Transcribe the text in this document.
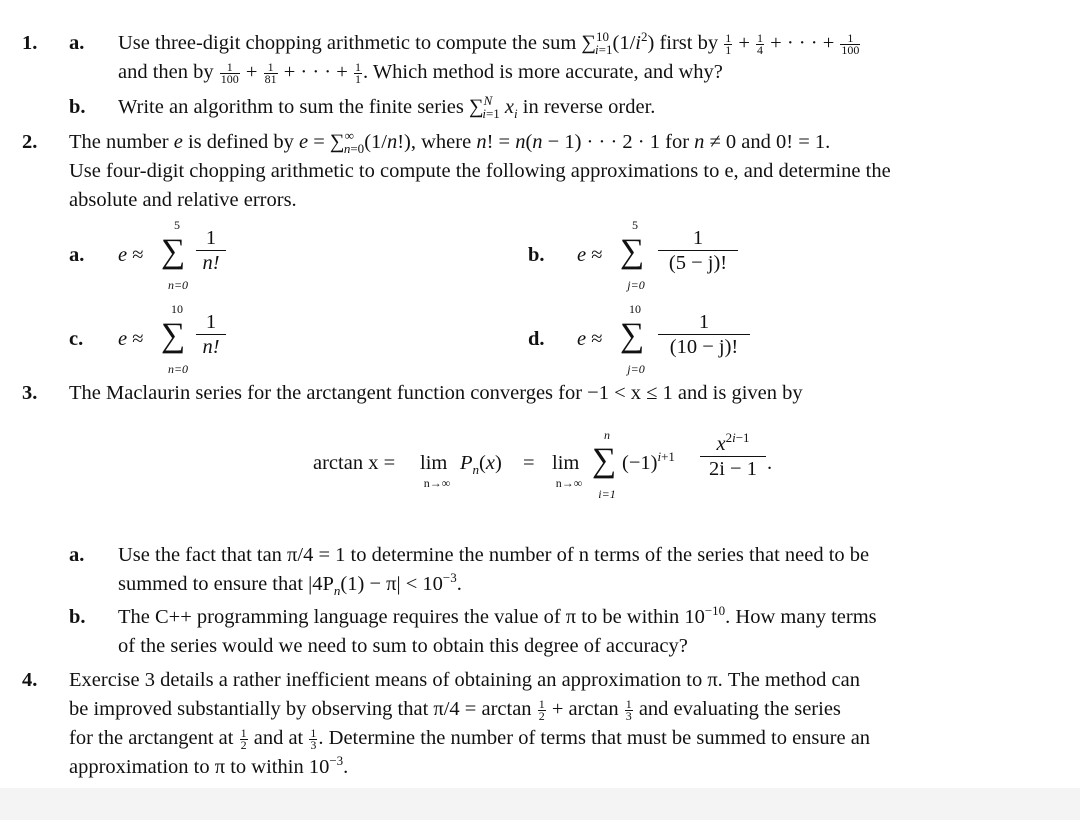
1. a. Use three-digit chopping arithmetic to compute the sum $\sum^{10}_{i=1}(1/i^2)$ first by $\frac{1}{1} + \frac{1}{4}$ + · · · + $\frac{1}{100}$
and then by $\frac{1}{100} + \frac{1}{81}$ + · · · + $\frac{1}{1}$ . Which method is more accurate, and why?
b. Write an algorithm to sum the finite series ∑$^N_{i=1}$ $x_i$ in reverse order.
2. The number e is defined by $e = \sum^\infty_{n=0}(1/n!)$, where n! = n(n − 1) · · · 2 · 1 for n ≠ 0 and 0! = 1.
Use four-digit chopping arithmetic to compute the following approximations to e, and determine the
absolute and relative errors.
a. e ≈
5
∑
n=0
$\frac{1}{n!}$	b. e ≈
5
∑
j=0
$\frac{1}{(5 - j)!}$
c. e ≈
10
∑
n=0
$\frac{1}{n!}$	d. e ≈
10
∑
j=0
$\frac{1}{(10 - j)!}$
3. The Maclaurin series for the arctangent function converges for −1 < x ≤ 1 and is given by
arctan x = lim
n→∞
$P_n(x) = \lim$
n→∞
n
∑
i=1
$(-1)^{i+1} \frac{x^{2i-1}}{2i - 1}$ .
a. Use the fact that tan π/4 = 1 to determine the number of n terms of the series that need to be
summed to ensure that $|4P_n(1) - \pi| < 10^{-3}$.
b. The C++ programming language requires the value of π to be within $10^{-10}$. How many terms
of the series would we need to sum to obtain this degree of accuracy?
4. Exercise 3 details a rather inefficient means of obtaining an approximation to π. The method can
be improved substantially by observing that $\pi/4 = \arctan \frac{1}{2} + \arctan \frac{1}{3}$ and evaluating the series
for the arctangent at $\frac{1}{2}$ and at $\frac{1}{3}$ . Determine the number of terms that must be summed to ensure an
approximation to π to within $10^{-3}$.
